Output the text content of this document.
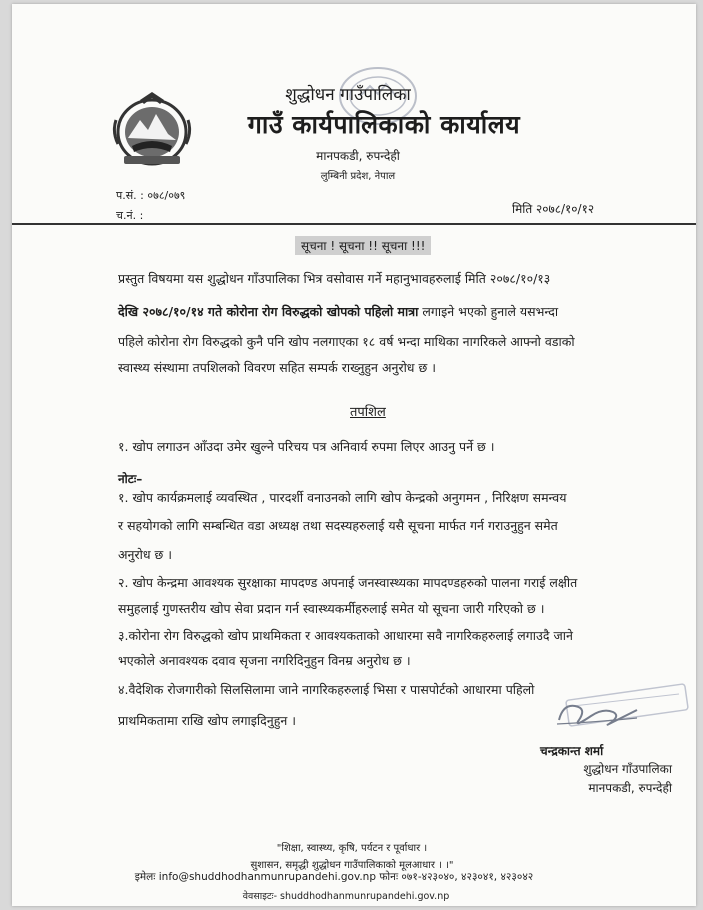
शुद्धोधन गाउँपालिका
गाउँ कार्यपालिकाको कार्यालय
मानपकडी, रुपन्देही
लुम्बिनी प्रदेश, नेपाल
प.सं. : ०७८/०७९
च.नं. :	मिति २०७८/१०/१२
सूचना ! सूचना !! सूचना !!!
प्रस्तुत विषयमा यस शुद्धोधन गाँउपालिका भित्र वसोवास गर्ने महानुभावहरुलाई मिति २०७८/१०/१३
देखि २०७८/१०/१४ गते कोरोना रोग विरुद्धको खोपको पहिलो मात्रा लगाइने भएको हुनाले यसभन्दा
पहिले कोरोना रोग विरुद्धको कुनै पनि खोप नलगाएका १८ वर्ष भन्दा माथिका नागरिकले आफ्नो वडाको
स्वास्थ्य संस्थामा तपशिलको विवरण सहित सम्पर्क राख्नुहुन अनुरोध छ ।
तपशिल
१. खोप लगाउन आँउदा उमेर खुल्ने परिचय पत्र अनिवार्य रुपमा लिएर आउनु पर्ने छ ।
नोटः–
१. खोप कार्यक्रमलाई व्यवस्थित , पारदर्शी वनाउनको लागि खोप केन्द्रको अनुगमन , निरिक्षण समन्वय
र सहयोगको लागि सम्बन्धित वडा अध्यक्ष तथा सदस्यहरुलाई यसै सूचना मार्फत गर्न गराउनुहुन समेत
अनुरोध छ ।
२. खोप केन्द्रमा आवश्यक सुरक्षाका मापदण्ड अपनाई जनस्वास्थ्यका मापदण्डहरुको पालना गराई लक्षीत
समुहलाई गुणस्तरीय खोप सेवा प्रदान गर्न स्वास्थ्यकर्मीहरुलाई समेत यो सूचना जारी गरिएको छ ।
३.कोरोना रोग विरुद्धको खोप प्राथमिकता र आवश्यकताको आधारमा सवै नागरिकहरुलाई लगाउदै जाने
भएकोले अनावश्यक दवाव सृजना नगरिदिनुहुन विनम्र अनुरोध छ ।
४.वैदेशिक रोजगारीको सिलसिलामा जाने नागरिकहरुलाई भिसा र पासपोर्टको आधारमा पहिलो
प्राथमिकतामा राखि खोप लगाइदिनुहुन ।
चन्द्रकान्त शर्मा
शुद्धोधन गाँउपालिका
मानपकडी, रुपन्देही
"शिक्षा, स्वास्थ्य, कृषि, पर्यटन र पूर्वाधार ।
सुशासन, समृद्धी शुद्धोधन गाउँपालिकाको मूलआधार । ।"
इमेलः info@shuddhodhanmunrupandehi.gov.np फोनः ०७१-४२३०४०, ४२३०४१, ४२३०४२
वेवसाइटः- shuddhodhanmunrupandehi.gov.np
